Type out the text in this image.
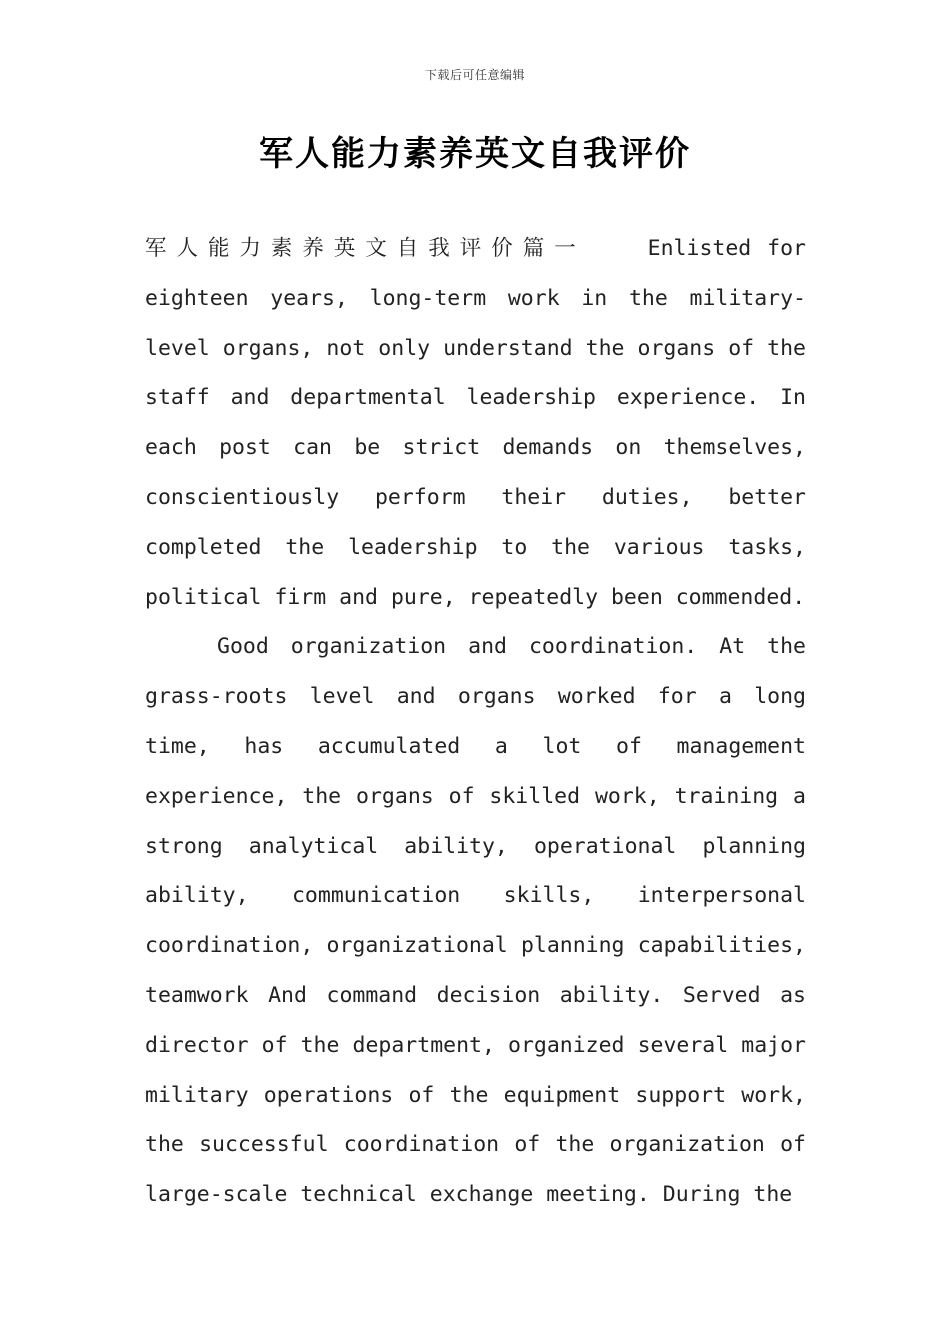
下载后可任意编辑
军人能力素养英文自我评价

军人能力素养英文自我评价篇一	Enlisted for eighteen years, long-term work in the military-level organs, not only understand the organs of the staff and departmental leadership experience. In each post can be strict demands on themselves, conscientiously perform their duties, better completed the leadership to the various tasks, political firm and pure, repeatedly been commended.

Good organization and coordination. At the grass-roots level and organs worked for a long time, has accumulated a lot of management experience, the organs of skilled work, training a strong analytical ability, operational planning ability, communication skills, interpersonal coordination, organizational planning capabilities, teamwork And command decision ability. Served as director of the department, organized several major military operations of the equipment support work, the successful coordination of the organization of large-scale technical exchange meeting. During the
